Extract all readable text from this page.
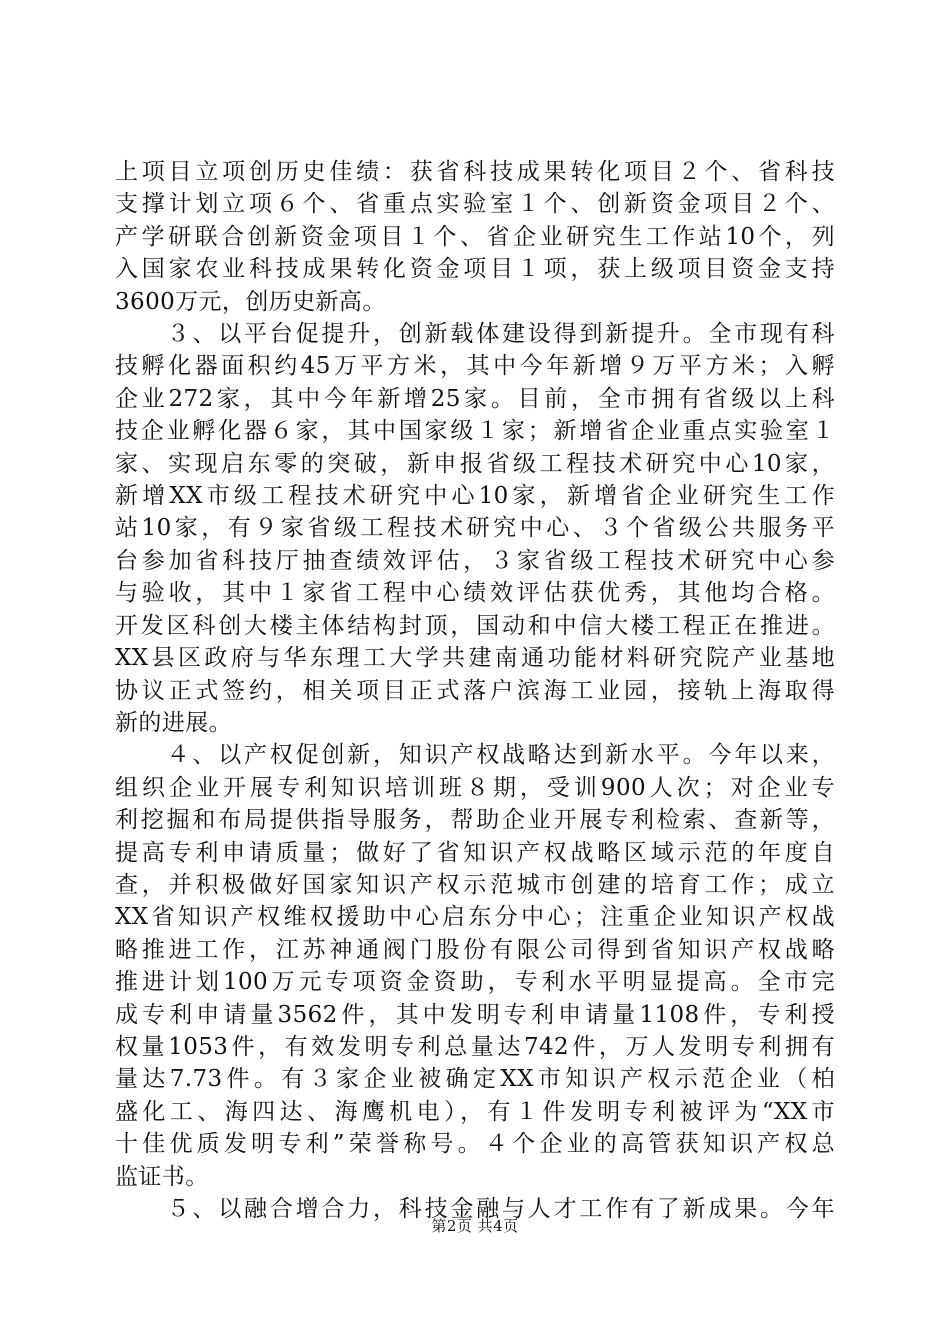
上项目立项创历史佳绩：获省科技成果转化项目２个、省科技
支撑计划立项６个、省重点实验室１个、创新资金项目２个、
产学研联合创新资金项目１个、省企业研究生工作站10个，列
入国家农业科技成果转化资金项目１项，获上级项目资金支持
3600万元，创历史新高。
　　３、以平台促提升，创新载体建设得到新提升。全市现有科
技孵化器面积约45万平方米，其中今年新增９万平方米；入孵
企业272家，其中今年新增25家。目前，全市拥有省级以上科
技企业孵化器６家，其中国家级１家；新增省企业重点实验室１
家、实现启东零的突破，新申报省级工程技术研究中心10家，
新增XX市级工程技术研究中心10家，新增省企业研究生工作
站10家，有９家省级工程技术研究中心、３个省级公共服务平
台参加省科技厅抽查绩效评估，３家省级工程技术研究中心参
与验收，其中１家省工程中心绩效评估获优秀，其他均合格。
开发区科创大楼主体结构封顶，国动和中信大楼工程正在推进。
XX县区政府与华东理工大学共建南通功能材料研究院产业基地
协议正式签约，相关项目正式落户滨海工业园，接轨上海取得
新的进展。
　　４、以产权促创新，知识产权战略达到新水平。今年以来，
组织企业开展专利知识培训班８期，受训900人次；对企业专
利挖掘和布局提供指导服务，帮助企业开展专利检索、查新等，
提高专利申请质量；做好了省知识产权战略区域示范的年度自
查，并积极做好国家知识产权示范城市创建的培育工作；成立
XX省知识产权维权援助中心启东分中心；注重企业知识产权战
略推进工作，江苏神通阀门股份有限公司得到省知识产权战略
推进计划100万元专项资金资助，专利水平明显提高。全市完
成专利申请量3562件，其中发明专利申请量1108件，专利授
权量1053件，有效发明专利总量达742件，万人发明专利拥有
量达7.73件。有３家企业被确定XX市知识产权示范企业（柏
盛化工、海四达、海鹰机电），有１件发明专利被评为“XX市
十佳优质发明专利”荣誉称号。４个企业的高管获知识产权总
监证书。
　　５、以融合增合力，科技金融与人才工作有了新成果。今年
第2页 共4页
